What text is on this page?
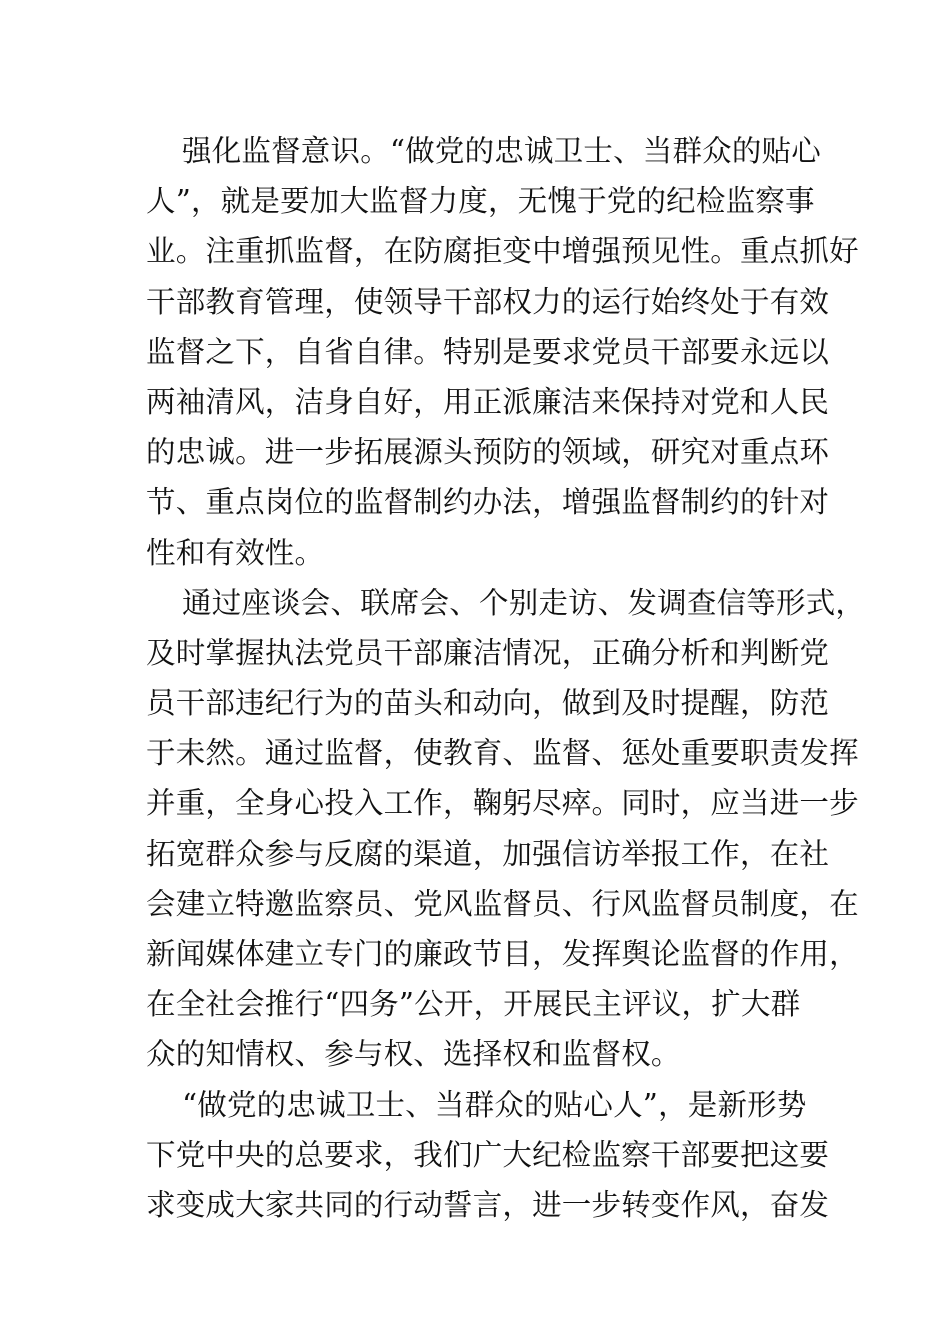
强化监督意识。“做党的忠诚卫士、当群众的贴心
人”，就是要加大监督力度，无愧于党的纪检监察事
业。注重抓监督，在防腐拒变中增强预见性。重点抓好
干部教育管理，使领导干部权力的运行始终处于有效
监督之下，自省自律。特别是要求党员干部要永远以
两袖清风，洁身自好，用正派廉洁来保持对党和人民
的忠诚。进一步拓展源头预防的领域，研究对重点环
节、重点岗位的监督制约办法，增强监督制约的针对
性和有效性。

通过座谈会、联席会、个别走访、发调查信等形式，
及时掌握执法党员干部廉洁情况，正确分析和判断党
员干部违纪行为的苗头和动向，做到及时提醒，防范
于未然。通过监督，使教育、监督、惩处重要职责发挥
并重，全身心投入工作，鞠躬尽瘁。同时，应当进一步
拓宽群众参与反腐的渠道，加强信访举报工作，在社
会建立特邀监察员、党风监督员、行风监督员制度，在
新闻媒体建立专门的廉政节目，发挥舆论监督的作用，
在全社会推行“四务”公开，开展民主评议，扩大群
众的知情权、参与权、选择权和监督权。

“做党的忠诚卫士、当群众的贴心人”，是新形势
下党中央的总要求，我们广大纪检监察干部要把这要
求变成大家共同的行动誓言，进一步转变作风，奋发
